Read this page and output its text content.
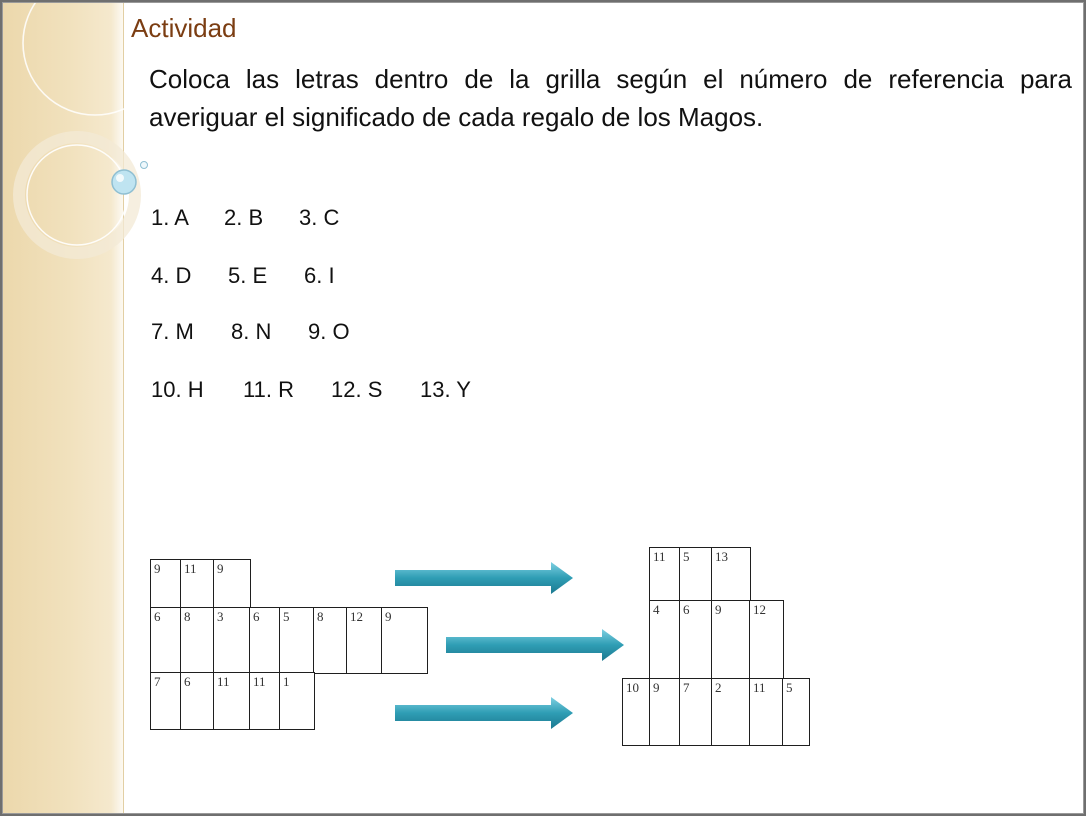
Actividad
Coloca las letras dentro de la grilla según el número de referencia para averiguar el significado de cada regalo de los Magos.
1. A 2. B 3. C
4. D 5. E 6. I
7. M 8. N 9. O
10. H 11. R 12. S 13. Y
9 11 9
6 8 3 6 5 8 12 9
7 6 11 11 1
11 5 13
4 6 9 12
10 9 7 2 11 5
